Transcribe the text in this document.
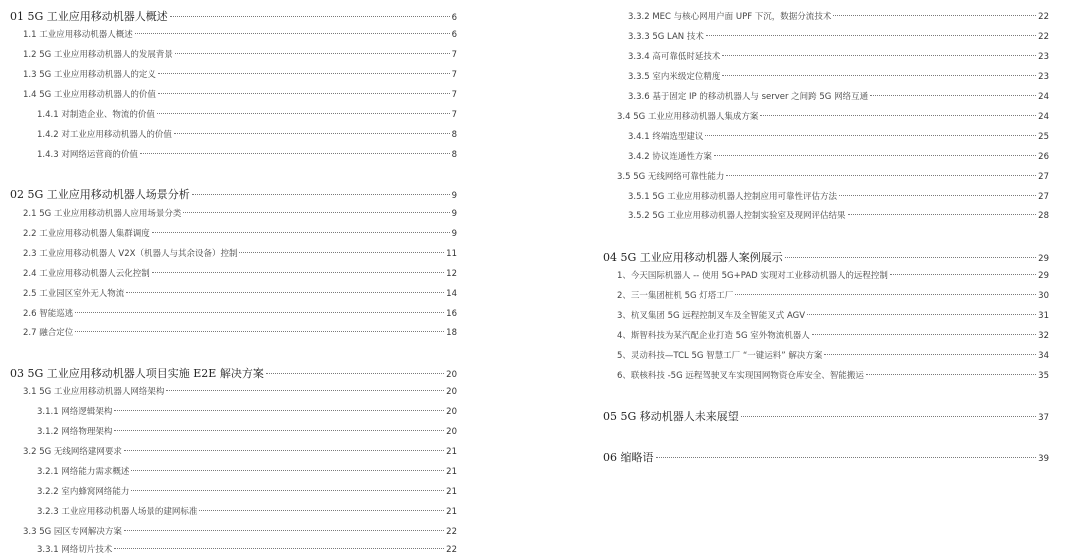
01 5G 工业应用移动机器人概述	6
1.1 工业应用移动机器人概述	6
1.2 5G 工业应用移动机器人的发展背景	7
1.3 5G 工业应用移动机器人的定义	7
1.4 5G 工业应用移动机器人的价值	7
1.4.1 对制造企业、物流的价值	7
1.4.2 对工业应用移动机器人的价值	8
1.4.3 对网络运营商的价值	8
02 5G 工业应用移动机器人场景分析	9
2.1 5G 工业应用移动机器人应用场景分类	9
2.2 工业应用移动机器人集群调度	9
2.3 工业应用移动机器人 V2X（机器人与其余设备）控制	11
2.4 工业应用移动机器人云化控制	12
2.5 工业园区室外无人物流	14
2.6 智能巡逃	16
2.7 融合定位	18
03 5G 工业应用移动机器人项目实施 E2E 解决方案	20
3.1 5G 工业应用移动机器人网络架构	20
3.1.1 网络逻辑架构	20
3.1.2 网络物理架构	20
3.2 5G 无线网络建网要求	21
3.2.1 网络能力需求概述	21
3.2.2 室内蜂窝网络能力	21
3.2.3 工业应用移动机器人场景的建网标准	21
3.3 5G 园区专网解决方案	22
3.3.1 网络切片技术	22
3.3.2 MEC 与核心网用户面 UPF 下沉，数据分流技术	22
3.3.3 5G LAN 技术	22
3.3.4 高可靠低时延技术	23
3.3.5 室内米级定位精度	23
3.3.6 基于固定 IP 的移动机器人与 server 之间跨 5G 网络互通	24
3.4 5G 工业应用移动机器人集成方案	24
3.4.1 终端选型建议	25
3.4.2 协议连通性方案	26
3.5 5G 无线网络可靠性能力	27
3.5.1 5G 工业应用移动机器人控制应用可靠性评估方法	27
3.5.2 5G 工业应用移动机器人控制实验室及现网评估结果	28
04 5G 工业应用移动机器人案例展示	29
1、今天国际机器人 -- 使用 5G+PAD 实现对工业移动机器人的远程控制	29
2、三一集团桩机 5G 灯塔工厂	30
3、杭叉集团 5G 远程控制叉车及全智能叉式 AGV	31
4、斯智科技为某汽配企业打造 5G 室外物流机器人	32
5、灵动科技—TCL 5G 智慧工厂 “一键运料” 解决方案	34
6、联核科技 -5G 远程驾驶叉车实现国网物资仓库安全、智能搬运	35
05 5G 移动机器人未来展望	37
06 缩略语	39
